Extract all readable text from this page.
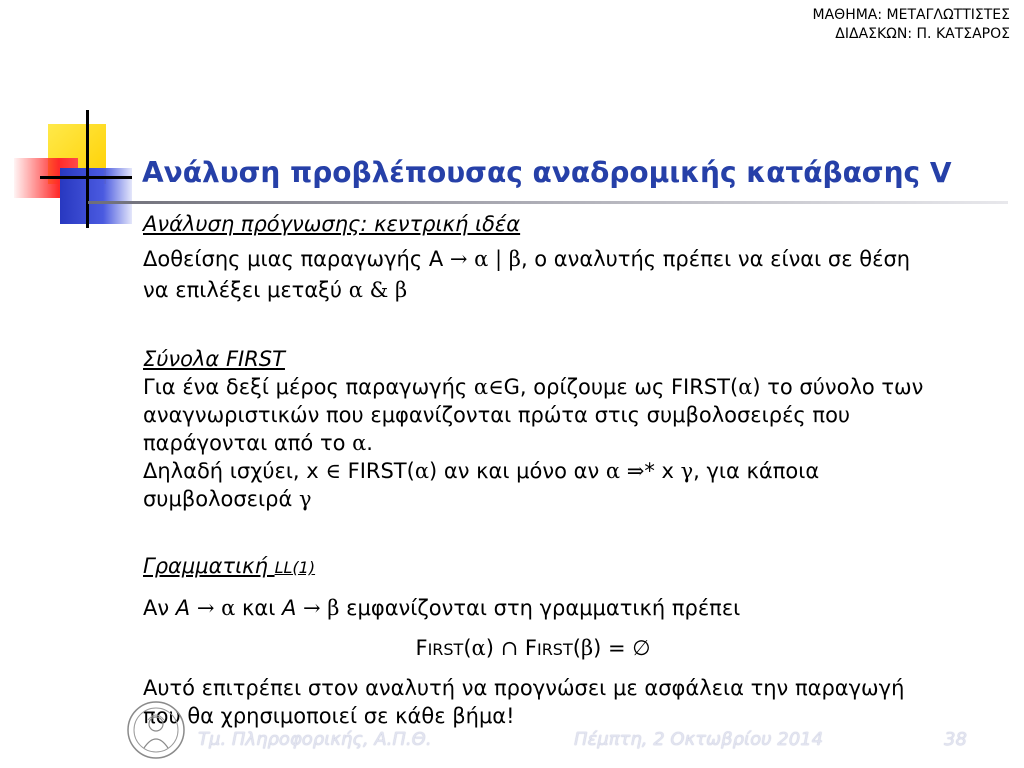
ΜΑΘΗΜΑ: ΜΕΤΑΓΛΩΤΤΙΣΤΕΣ
ΔΙΔΑΣΚΩΝ: Π. ΚΑΤΣΑΡΟΣ
Ανάλυση προβλέπουσας αναδρομικής κατάβασης V

Ανάλυση πρόγνωσης: κεντρική ιδέα

Δοθείσης μιας παραγωγής A → α | β, ο αναλυτής πρέπει να είναι σε θέση
να επιλέξει μεταξύ α & β

Σύνολα FIRST

Για ένα δεξί μέρος παραγωγής α∈G, ορίζουμε ως FIRST(α) το σύνολο των
αναγνωριστικών που εμφανίζονται πρώτα στις συμβολοσειρές που
παράγονται από το α.
Δηλαδή ισχύει, x ∈ FIRST(α) αν και μόνο αν α ⇒* x γ, για κάποια
συμβολοσειρά γ

Γραμματική LL(1)

Αν A → α και A → β εμφανίζονται στη γραμματική πρέπει

FIRST(α) ∩ FIRST(β) = ∅

Αυτό επιτρέπει στον αναλυτή να προγνώσει με ασφάλεια την παραγωγή
που θα χρησιμοποιεί σε κάθε βήμα!

Τμ. Πληροφορικής, Α.Π.Θ.	Πέμπτη, 2 Οκτωβρίου 2014	38
